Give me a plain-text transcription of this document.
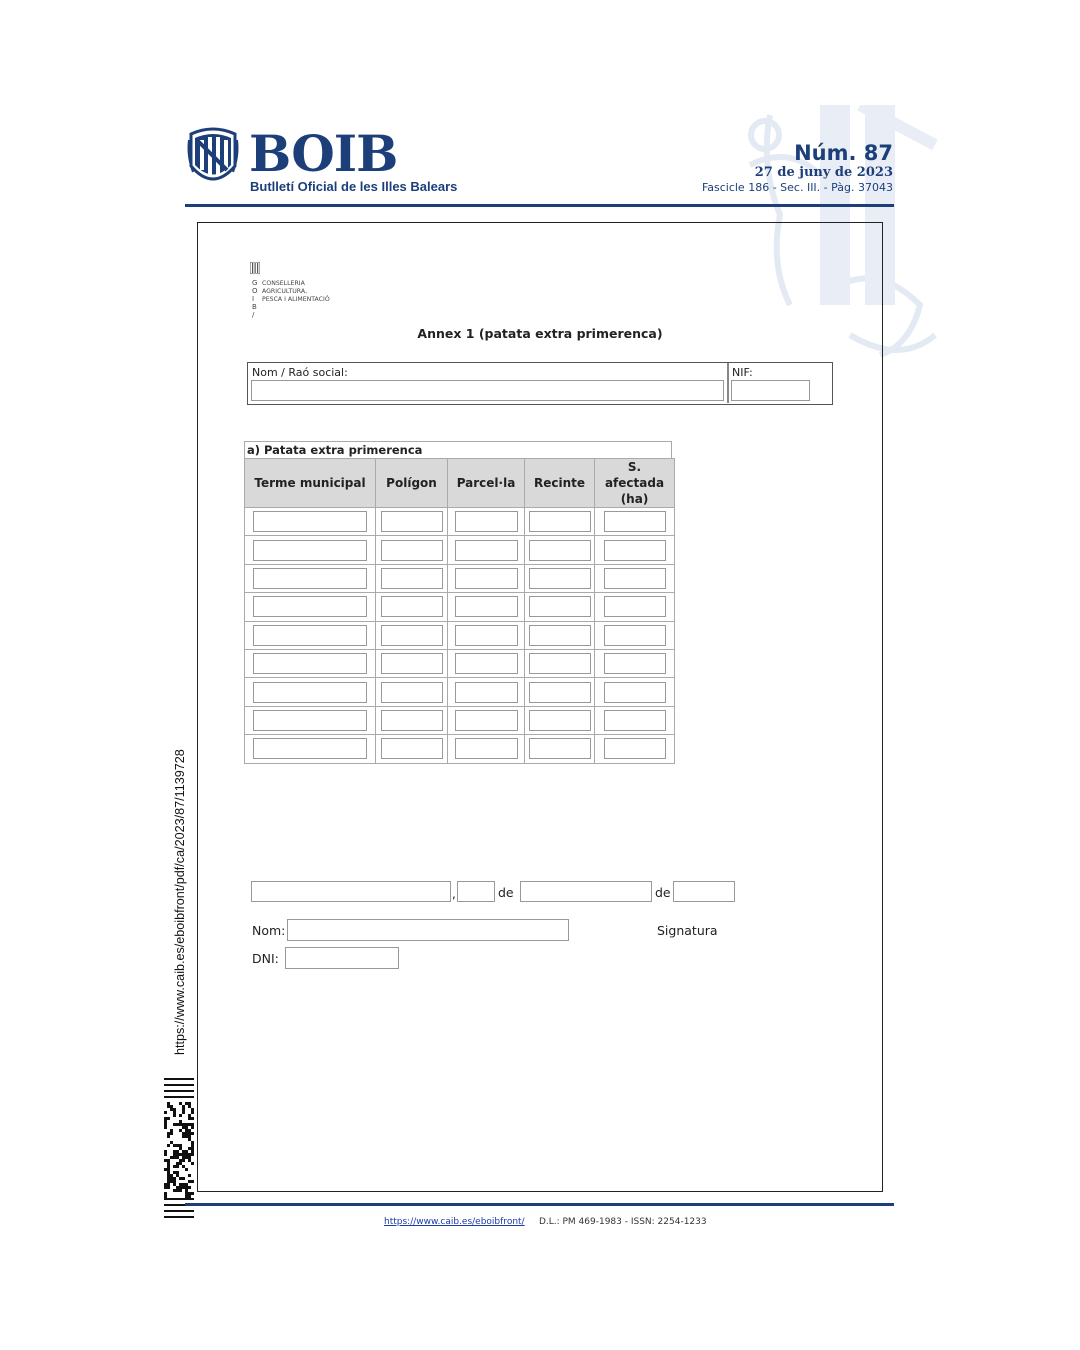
BOIB
Butlletí Oficial de les Illes Balears
Núm. 87
27 de juny de 2023
Fascicle 186 - Sec. III. - Pàg. 37043
G
O
I
B
/
CONSELLERIA
AGRICULTURA,
PESCA I ALIMENTACIÓ
Annex 1 (patata extra primerenca)
Nom / Raó social:	NIF:
a) Patata extra primerenca
Terme municipal	Polígon	Parcel·la	Recinte	S. afectada (ha)

,	de	de
Nom:	Signatura
DNI:
https://www.caib.es/eboibfront/pdf/ca/2023/87/1139728
https://www.caib.es/eboibfront/ D.L.: PM 469-1983 - ISSN: 2254-1233
